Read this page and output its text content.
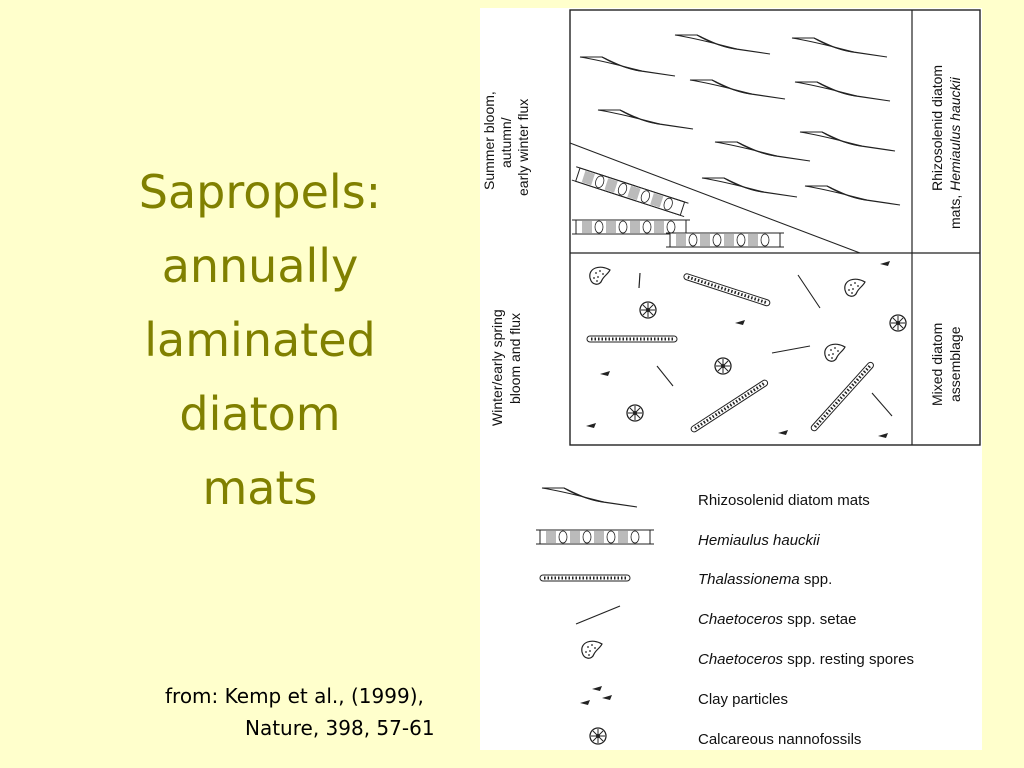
Sapropels:
annually
laminated
diatom
mats
from: Kemp et al., (1999),
Nature, 398, 57-61
Summer bloom, autumn/ early winter flux
Winter/early spring bloom and flux
Rhizosolenid diatom
mats, Hemiaulus hauckii
Mixed diatom assemblage
Rhizosolenid diatom mats
Hemiaulus hauckii
Thalassionema spp.
Chaetoceros spp. setae
Chaetoceros spp. resting spores
Clay particles
Calcareous nannofossils
